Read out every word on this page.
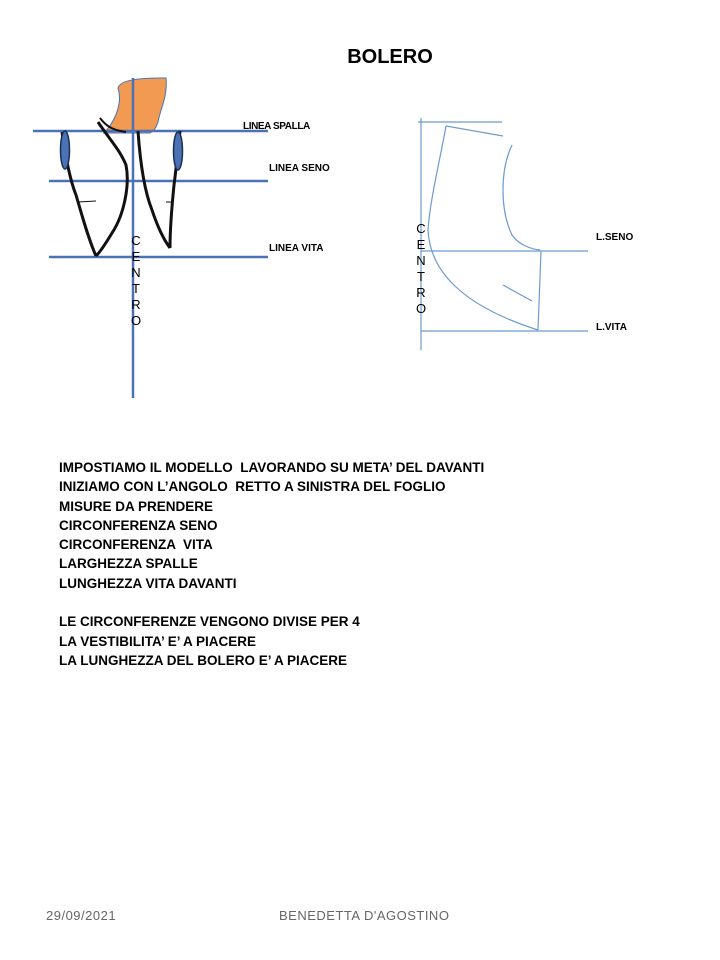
BOLERO
LINEA SPALLA
LINEA SENO
LINEA VITA
C
E
N
T
R
O
L.SENO
L.VITA
C
E
N
T
R
O
IMPOSTIAMO IL MODELLO  LAVORANDO SU META’ DEL DAVANTI
INIZIAMO CON L’ANGOLO  RETTO A SINISTRA DEL FOGLIO
MISURE DA PRENDERE
CIRCONFERENZA SENO
CIRCONFERENZA  VITA
LARGHEZZA SPALLE
LUNGHEZZA VITA DAVANTI
LE CIRCONFERENZE VENGONO DIVISE PER 4
LA VESTIBILITA’ E’ A PIACERE
LA LUNGHEZZA DEL BOLERO E’ A PIACERE
29/09/2021	BENEDETTA D'AGOSTINO
